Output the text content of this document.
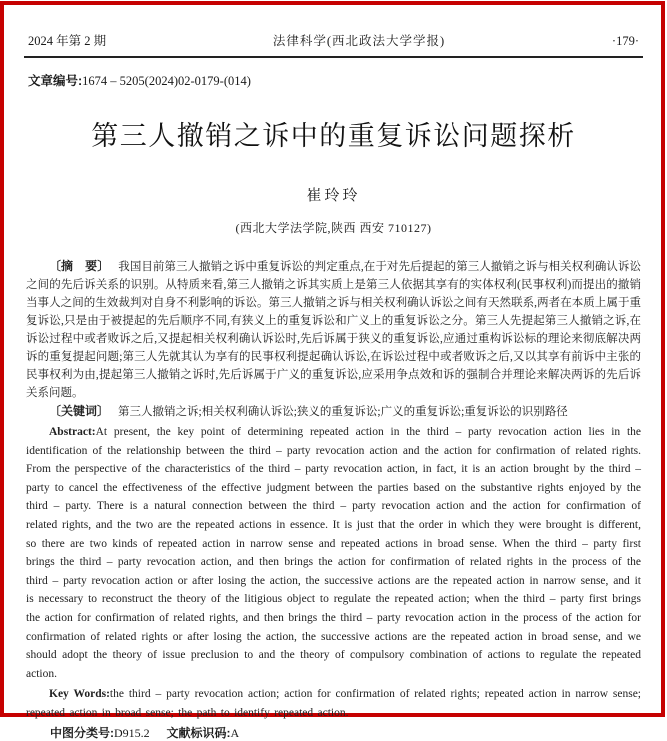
2024 年第 2 期	法律科学(西北政法大学学报)	·179·

文章编号:1674 – 5205(2024)02-0179-(014)

第三人撤销之诉中的重复诉讼问题探析
崔玲玲
(西北大学法学院,陕西 西安 710127)

〔摘　要〕 我国目前第三人撤销之诉中重复诉讼的判定重点,在于对先后提起的第三人撤销之诉与相关权利确认诉讼之间的先后诉关系的识别。从特质来看,第三人撤销之诉其实质上是第三人依据其享有的实体权利(民事权利)而提出的撤销当事人之间的生效裁判对自身不利影响的诉讼。第三人撤销之诉与相关权利确认诉讼之间有天然联系,两者在本质上属于重复诉讼,只是由于被提起的先后顺序不同,有狭义上的重复诉讼和广义上的重复诉讼之分。第三人先提起第三人撤销之诉,在诉讼过程中或者败诉之后,又提起相关权利确认诉讼时,先后诉属于狭义的重复诉讼,应通过重构诉讼标的理论来彻底解决两诉的重复提起问题;第三人先就其认为享有的民事权利提起确认诉讼,在诉讼过程中或者败诉之后,又以其享有前诉中主张的民事权利为由,提起第三人撤销之诉时,先后诉属于广义的重复诉讼,应采用争点效和诉的强制合并理论来解决两诉的先后诉关系问题。

〔关键词〕 第三人撤销之诉;相关权利确认诉讼;狭义的重复诉讼;广义的重复诉讼;重复诉讼的识别路径

Abstract:At present, the key point of determining repeated action in the third – party revocation action lies in the identification of the relationship between the third – party revocation action and the action for confirmation of related rights. From the perspective of the characteristics of the third – party revocation action, in fact, it is an action brought by the third – party to cancel the effectiveness of the effective judgment between the parties based on the substantive rights enjoyed by the third – party. There is a natural connection between the third – party revocation action and the action for confirmation of related rights, and the two are the repeated actions in essence. It is just that the order in which they were brought is different, so there are two kinds of repeated action in narrow sense and repeated actions in broad sense. When the third – party first brings the third – party revocation action, and then brings the action for confirmation of related rights in the process of the third – party revocation action or after losing the action, the successive actions are the repeated action in narrow sense, and it is necessary to reconstruct the theory of the litigious object to regulate the repeated action; when the third – party first brings the action for confirmation of related rights, and then brings the third – party revocation action in the process of the action for confirmation of related rights or after losing the action, the successive actions are the repeated action in broad sense, and we should adopt the theory of issue preclusion to and the theory of compulsory combination of actions to regulate the repeated action.

Key Words:the third – party revocation action; action for confirmation of related rights; repeated action in narrow sense; repeated action in broad sense; the path to identify repeated action.

中图分类号:D915.2 文献标识码:A
